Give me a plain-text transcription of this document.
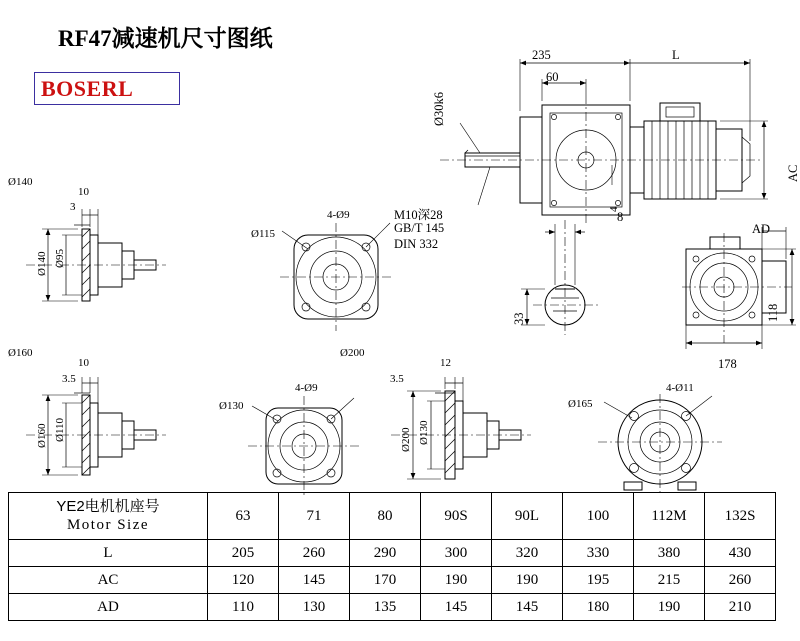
RF47减速机尺寸图纸
BOSERL
235	L
60
Ø30k6
AC
4
M10深28
GB/T 145
DIN 332
8
33
AD
118
178
Ø140
10
3
Ø140 Ø95
4-Ø9
Ø115
Ø160
10
3.5
Ø160 Ø110
4-Ø9
Ø130
Ø200
12
3.5
Ø200 Ø130
4-Ø11
Ø165
YE2电机机座号
Motor Size	63	71	80	90S	90L	100	112M	132S
L	205	260	290	300	320	330	380	430
AC	120	145	170	190	190	195	215	260
AD	110	130	135	145	145	180	190	210
